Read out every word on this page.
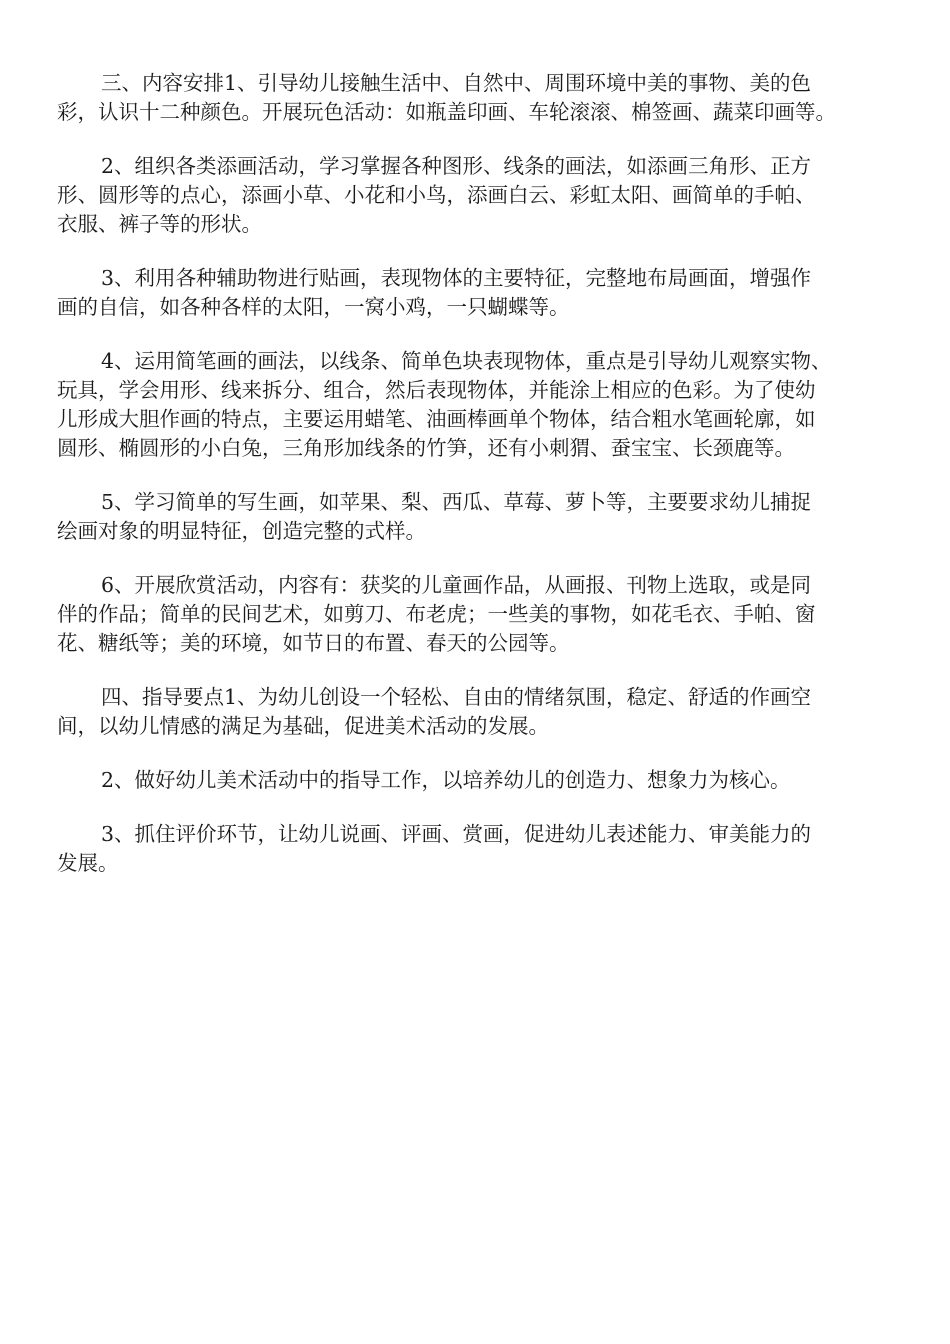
三、内容安排1、引导幼儿接触生活中、自然中、周围环境中美的事物、美的色
彩，认识十二种颜色。开展玩色活动：如瓶盖印画、车轮滚滚、棉签画、蔬菜印画等。

2、组织各类添画活动，学习掌握各种图形、线条的画法，如添画三角形、正方
形、圆形等的点心，添画小草、小花和小鸟，添画白云、彩虹太阳、画简单的手帕、
衣服、裤子等的形状。

3、利用各种辅助物进行贴画，表现物体的主要特征，完整地布局画面，增强作
画的自信，如各种各样的太阳，一窝小鸡，一只蝴蝶等。

4、运用简笔画的画法，以线条、简单色块表现物体，重点是引导幼儿观察实物、
玩具，学会用形、线来拆分、组合，然后表现物体，并能涂上相应的色彩。为了使幼
儿形成大胆作画的特点，主要运用蜡笔、油画棒画单个物体，结合粗水笔画轮廓，如
圆形、椭圆形的小白兔，三角形加线条的竹笋，还有小刺猬、蚕宝宝、长颈鹿等。

5、学习简单的写生画，如苹果、梨、西瓜、草莓、萝卜等，主要要求幼儿捕捉
绘画对象的明显特征，创造完整的式样。

6、开展欣赏活动，内容有：获奖的儿童画作品，从画报、刊物上选取，或是同
伴的作品；简单的民间艺术，如剪刀、布老虎；一些美的事物，如花毛衣、手帕、窗
花、糖纸等；美的环境，如节日的布置、春天的公园等。

四、指导要点1、为幼儿创设一个轻松、自由的情绪氛围，稳定、舒适的作画空
间，以幼儿情感的满足为基础，促进美术活动的发展。

2、做好幼儿美术活动中的指导工作，以培养幼儿的创造力、想象力为核心。

3、抓住评价环节，让幼儿说画、评画、赏画，促进幼儿表述能力、审美能力的
发展。
